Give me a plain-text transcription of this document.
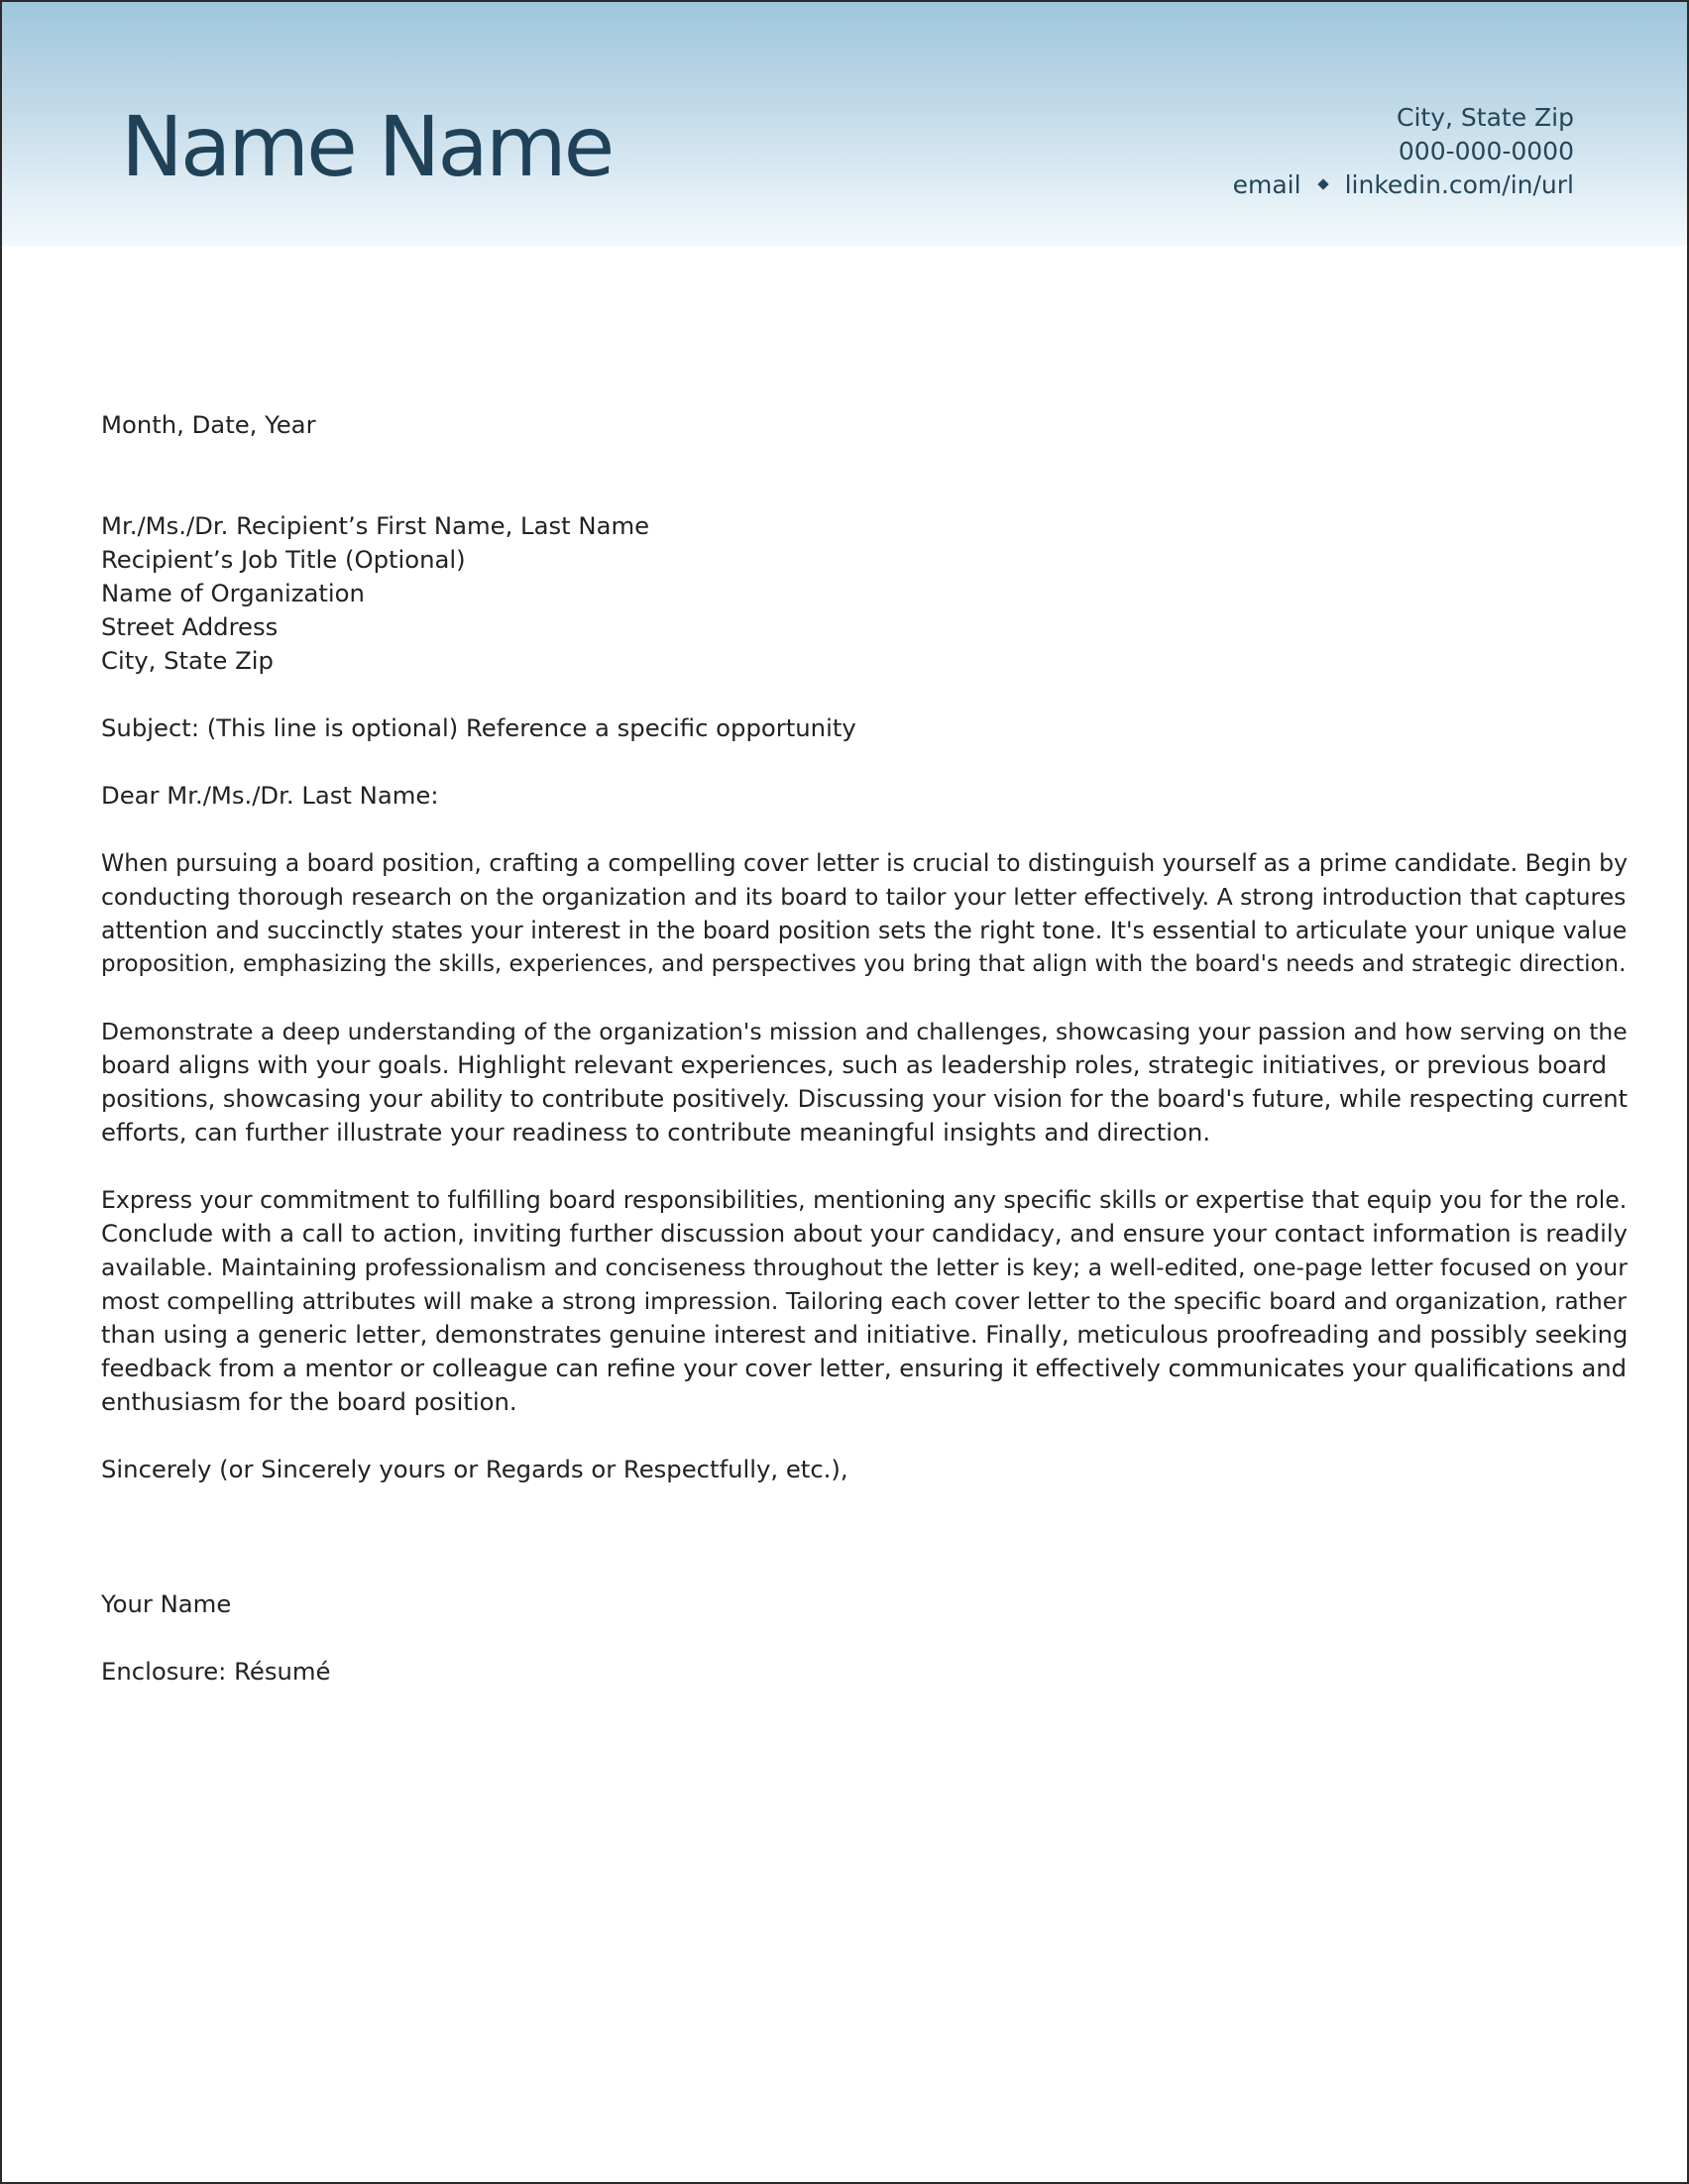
Name Name	City, State Zip
000-000-0000
email linkedin.com/in/url

Month, Date, Year

Mr./Ms./Dr. Recipient’s First Name, Last Name

Recipient’s Job Title (Optional)

Name of Organization

Street Address

City, State Zip

Subject: (This line is optional) Reference a specific opportunity

Dear Mr./Ms./Dr. Last Name:

When pursuing a board position, crafting a compelling cover letter is crucial to distinguish yourself as a prime candidate. Begin by

conducting thorough research on the organization and its board to tailor your letter effectively. A strong introduction that captures

attention and succinctly states your interest in the board position sets the right tone. It's essential to articulate your unique value

proposition, emphasizing the skills, experiences, and perspectives you bring that align with the board's needs and strategic direction.

Demonstrate a deep understanding of the organization's mission and challenges, showcasing your passion and how serving on the

board aligns with your goals. Highlight relevant experiences, such as leadership roles, strategic initiatives, or previous board

positions, showcasing your ability to contribute positively. Discussing your vision for the board's future, while respecting current

efforts, can further illustrate your readiness to contribute meaningful insights and direction.

Express your commitment to fulfilling board responsibilities, mentioning any specific skills or expertise that equip you for the role.

Conclude with a call to action, inviting further discussion about your candidacy, and ensure your contact information is readily

available. Maintaining professionalism and conciseness throughout the letter is key; a well-edited, one-page letter focused on your

most compelling attributes will make a strong impression. Tailoring each cover letter to the specific board and organization, rather

than using a generic letter, demonstrates genuine interest and initiative. Finally, meticulous proofreading and possibly seeking

feedback from a mentor or colleague can refine your cover letter, ensuring it effectively communicates your qualifications and

enthusiasm for the board position.

Sincerely (or Sincerely yours or Regards or Respectfully, etc.),

Your Name

Enclosure: Résumé
